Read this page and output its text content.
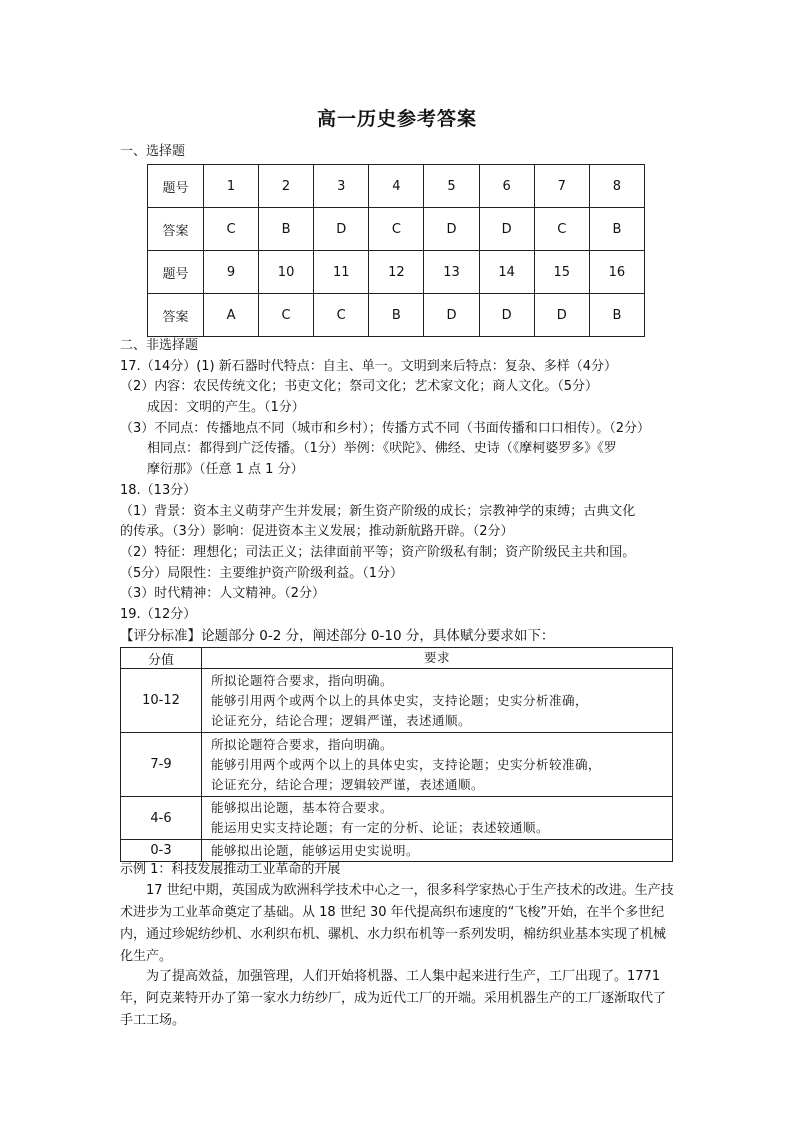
高一历史参考答案
一、选择题
题号	1	2	3	4	5	6	7	8
答案	C	B	D	C	D	D	C	B
题号	9	10	11	12	13	14	15	16
答案	A	C	C	B	D	D	D	B
二、非选择题
17.（14分）(1) 新石器时代特点：自主、单一。文明到来后特点：复杂、多样（4分）
（2）内容：农民传统文化；书吏文化；祭司文化；艺术家文化；商人文化。（5分）
成因：文明的产生。（1分）
（3）不同点：传播地点不同（城市和乡村）；传播方式不同（书面传播和口口相传）。（2分）
相同点：都得到广泛传播。（1分）举例：《吠陀》、佛经、史诗（《摩柯婆罗多》《罗
摩衍那》（任意 1 点 1 分）
18.（13分）
（1）背景：资本主义萌芽产生并发展；新生资产阶级的成长；宗教神学的束缚；古典文化
的传承。（3分）影响：促进资本主义发展；推动新航路开辟。（2分）
（2）特征：理想化；司法正义；法律面前平等；资产阶级私有制；资产阶级民主共和国。
（5分）局限性：主要维护资产阶级利益。（1分）
（3）时代精神：人文精神。（2分）
19.（12分）
【评分标准】论题部分 0-2 分，阐述部分 0-10 分，具体赋分要求如下：
分值	要求
10-12	所拟论题符合要求，指向明确。
能够引用两个或两个以上的具体史实，支持论题；史实分析准确，
论证充分，结论合理；逻辑严谨，表述通顺。

7-9	所拟论题符合要求，指向明确。
能够引用两个或两个以上的具体史实，支持论题；史实分析较准确，
论证充分，结论合理；逻辑较严谨，表述通顺。

4-6	能够拟出论题，基本符合要求。
能运用史实支持论题；有一定的分析、论证；表述较通顺。

0-3	能够拟出论题，能够运用史实说明。
示例 1：科技发展推动工业革命的开展
17 世纪中期，英国成为欧洲科学技术中心之一，很多科学家热心于生产技术的改进。生产技术进步为工业革命奠定了基础。从 18 世纪 30 年代提高织布速度的“飞梭”开始，在半个多世纪内，通过珍妮纺纱机、水利织布机、骡机、水力织布机等一系列发明，棉纺织业基本实现了机械化生产。
为了提高效益，加强管理，人们开始将机器、工人集中起来进行生产，工厂出现了。1771 年，阿克莱特开办了第一家水力纺纱厂，成为近代工厂的开端。采用机器生产的工厂逐渐取代了手工工场。
